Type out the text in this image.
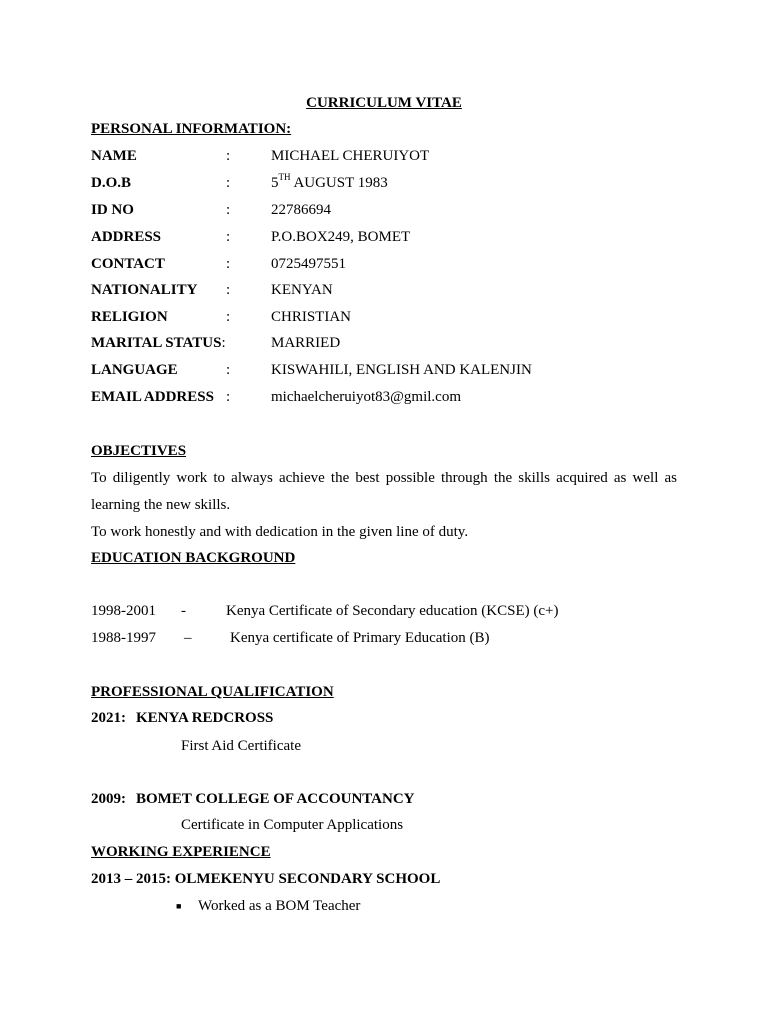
CURRICULUM VITAE
PERSONAL INFORMATION:
NAME	:	MICHAEL CHERUIYOT
D.O.B	:	5TH AUGUST 1983
ID NO	:	22786694
ADDRESS	:	P.O.BOX249, BOMET
CONTACT	:	0725497551
NATIONALITY :	KENYAN
RELIGION	:	CHRISTIAN
MARITAL STATUS:	MARRIED
LANGUAGE	:	KISWAHILI, ENGLISH AND KALENJIN
EMAIL ADDRESS :	michaelcheruiyot83@gmil.com
OBJECTIVES
To diligently work to always achieve the best possible through the skills acquired as well as
learning the new skills.
To work honestly and with dedication in the given line of duty.
EDUCATION BACKGROUND
1998-2001 -	Kenya Certificate of Secondary education (KCSE) (c+)
1988-1997 –	Kenya certificate of Primary Education (B)
PROFESSIONAL QUALIFICATION
2021: KENYA REDCROSS
First Aid Certificate
2009: BOMET COLLEGE OF ACCOUNTANCY
Certificate in Computer Applications
WORKING EXPERIENCE
2013 – 2015: OLMEKENYU SECONDARY SCHOOL
■ Worked as a BOM Teacher
